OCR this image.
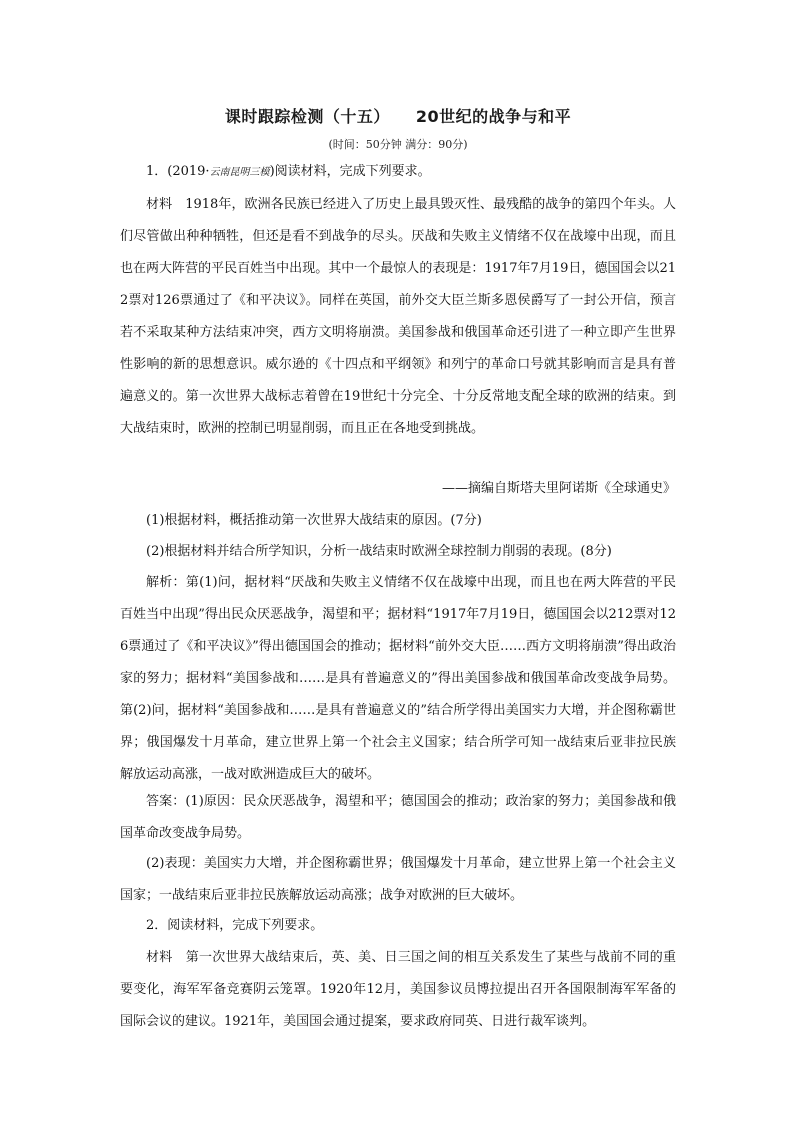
课时跟踪检测（十五） 20世纪的战争与和平
(时间：50分钟 满分：90分)
1．(2019·云南昆明三模)阅读材料，完成下列要求。
材料　1918年，欧洲各民族已经进入了历史上最具毁灭性、最残酷的战争的第四个年头。人们尽管做出种种牺牲，但还是看不到战争的尽头。厌战和失败主义情绪不仅在战壕中出现，而且也在两大阵营的平民百姓当中出现。其中一个最惊人的表现是：1917年7月19日，德国国会以212票对126票通过了《和平决议》。同样在英国，前外交大臣兰斯多恩侯爵写了一封公开信，预言若不采取某种方法结束冲突，西方文明将崩溃。美国参战和俄国革命还引进了一种立即产生世界性影响的新的思想意识。威尔逊的《十四点和平纲领》和列宁的革命口号就其影响而言是具有普遍意义的。第一次世界大战标志着曾在19世纪十分完全、十分反常地支配全球的欧洲的结束。到大战结束时，欧洲的控制已明显削弱，而且正在各地受到挑战。
——摘编自斯塔夫里阿诺斯《全球通史》
(1)根据材料，概括推动第一次世界大战结束的原因。(7分)
(2)根据材料并结合所学知识，分析一战结束时欧洲全球控制力削弱的表现。(8分)
解析：第(1)问，据材料“厌战和失败主义情绪不仅在战壕中出现，而且也在两大阵营的平民百姓当中出现”得出民众厌恶战争，渴望和平；据材料“1917年7月19日，德国国会以212票对126票通过了《和平决议》”得出德国国会的推动；据材料“前外交大臣……西方文明将崩溃”得出政治家的努力；据材料“美国参战和……是具有普遍意义的”得出美国参战和俄国革命改变战争局势。第(2)问，据材料“美国参战和……是具有普遍意义的”结合所学得出美国实力大增，并企图称霸世界；俄国爆发十月革命，建立世界上第一个社会主义国家；结合所学可知一战结束后亚非拉民族解放运动高涨，一战对欧洲造成巨大的破坏。
答案：(1)原因：民众厌恶战争，渴望和平；德国国会的推动；政治家的努力；美国参战和俄国革命改变战争局势。
(2)表现：美国实力大增，并企图称霸世界；俄国爆发十月革命，建立世界上第一个社会主义国家；一战结束后亚非拉民族解放运动高涨；战争对欧洲的巨大破坏。
2．阅读材料，完成下列要求。
材料　第一次世界大战结束后，英、美、日三国之间的相互关系发生了某些与战前不同的重要变化，海军军备竞赛阴云笼罩。1920年12月，美国参议员博拉提出召开各国限制海军军备的国际会议的建议。1921年，美国国会通过提案，要求政府同英、日进行裁军谈判。
